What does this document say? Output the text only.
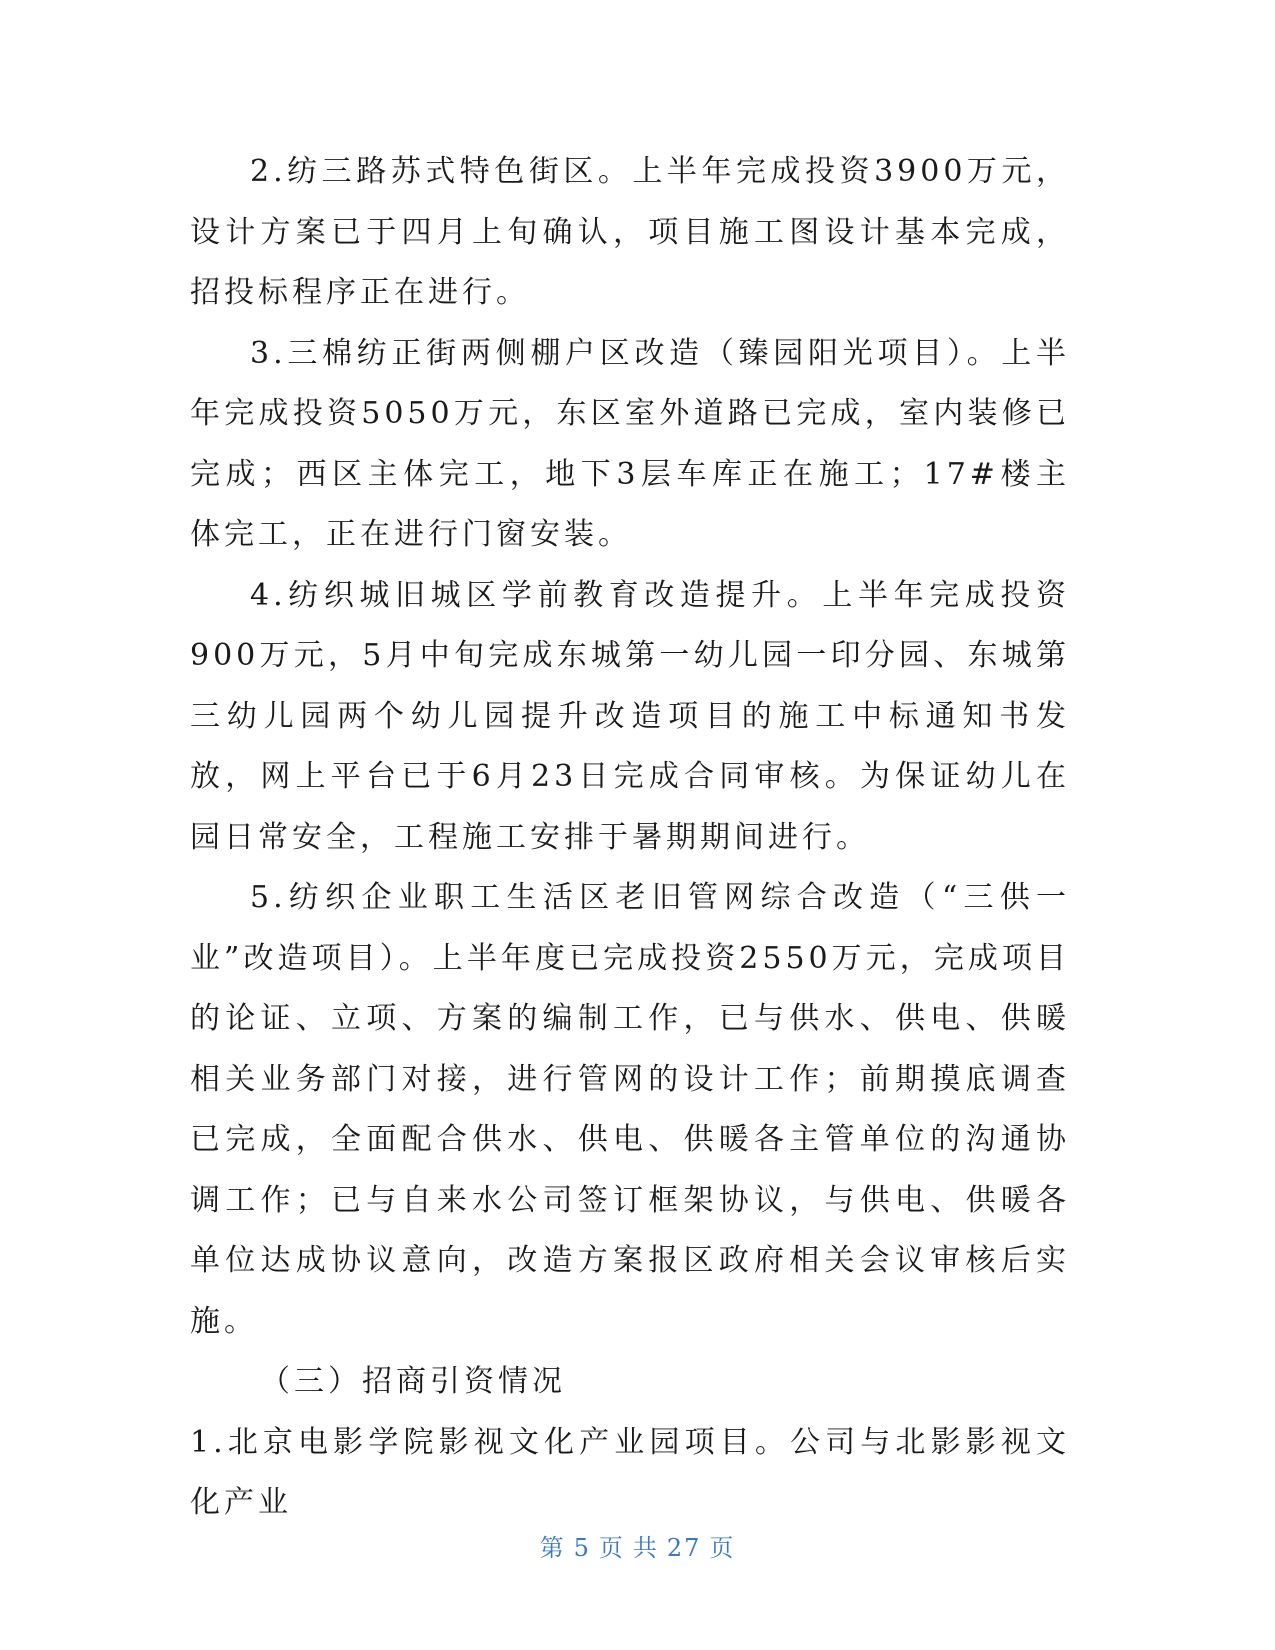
2.纺三路苏式特色街区。上半年完成投资3900万元，设计方案已于四月上旬确认，项目施工图设计基本完成，招投标程序正在进行。

3.三棉纺正街两侧棚户区改造（臻园阳光项目）。上半年完成投资5050万元，东区室外道路已完成，室内装修已完成；西区主体完工，地下3层车库正在施工；17#楼主体完工，正在进行门窗安装。

4.纺织城旧城区学前教育改造提升。上半年完成投资900万元，5月中旬完成东城第一幼儿园一印分园、东城第三幼儿园两个幼儿园提升改造项目的施工中标通知书发放，网上平台已于6月23日完成合同审核。为保证幼儿在园日常安全，工程施工安排于暑期期间进行。

5.纺织企业职工生活区老旧管网综合改造（“三供一业”改造项目）。上半年度已完成投资2550万元，完成项目的论证、立项、方案的编制工作，已与供水、供电、供暖相关业务部门对接，进行管网的设计工作；前期摸底调查已完成，全面配合供水、供电、供暖各主管单位的沟通协调工作；已与自来水公司签订框架协议，与供电、供暖各单位达成协议意向，改造方案报区政府相关会议审核后实施。

（三）招商引资情况

1.北京电影学院影视文化产业园项目。公司与北影影视文化产业

第 5 页 共 27 页
